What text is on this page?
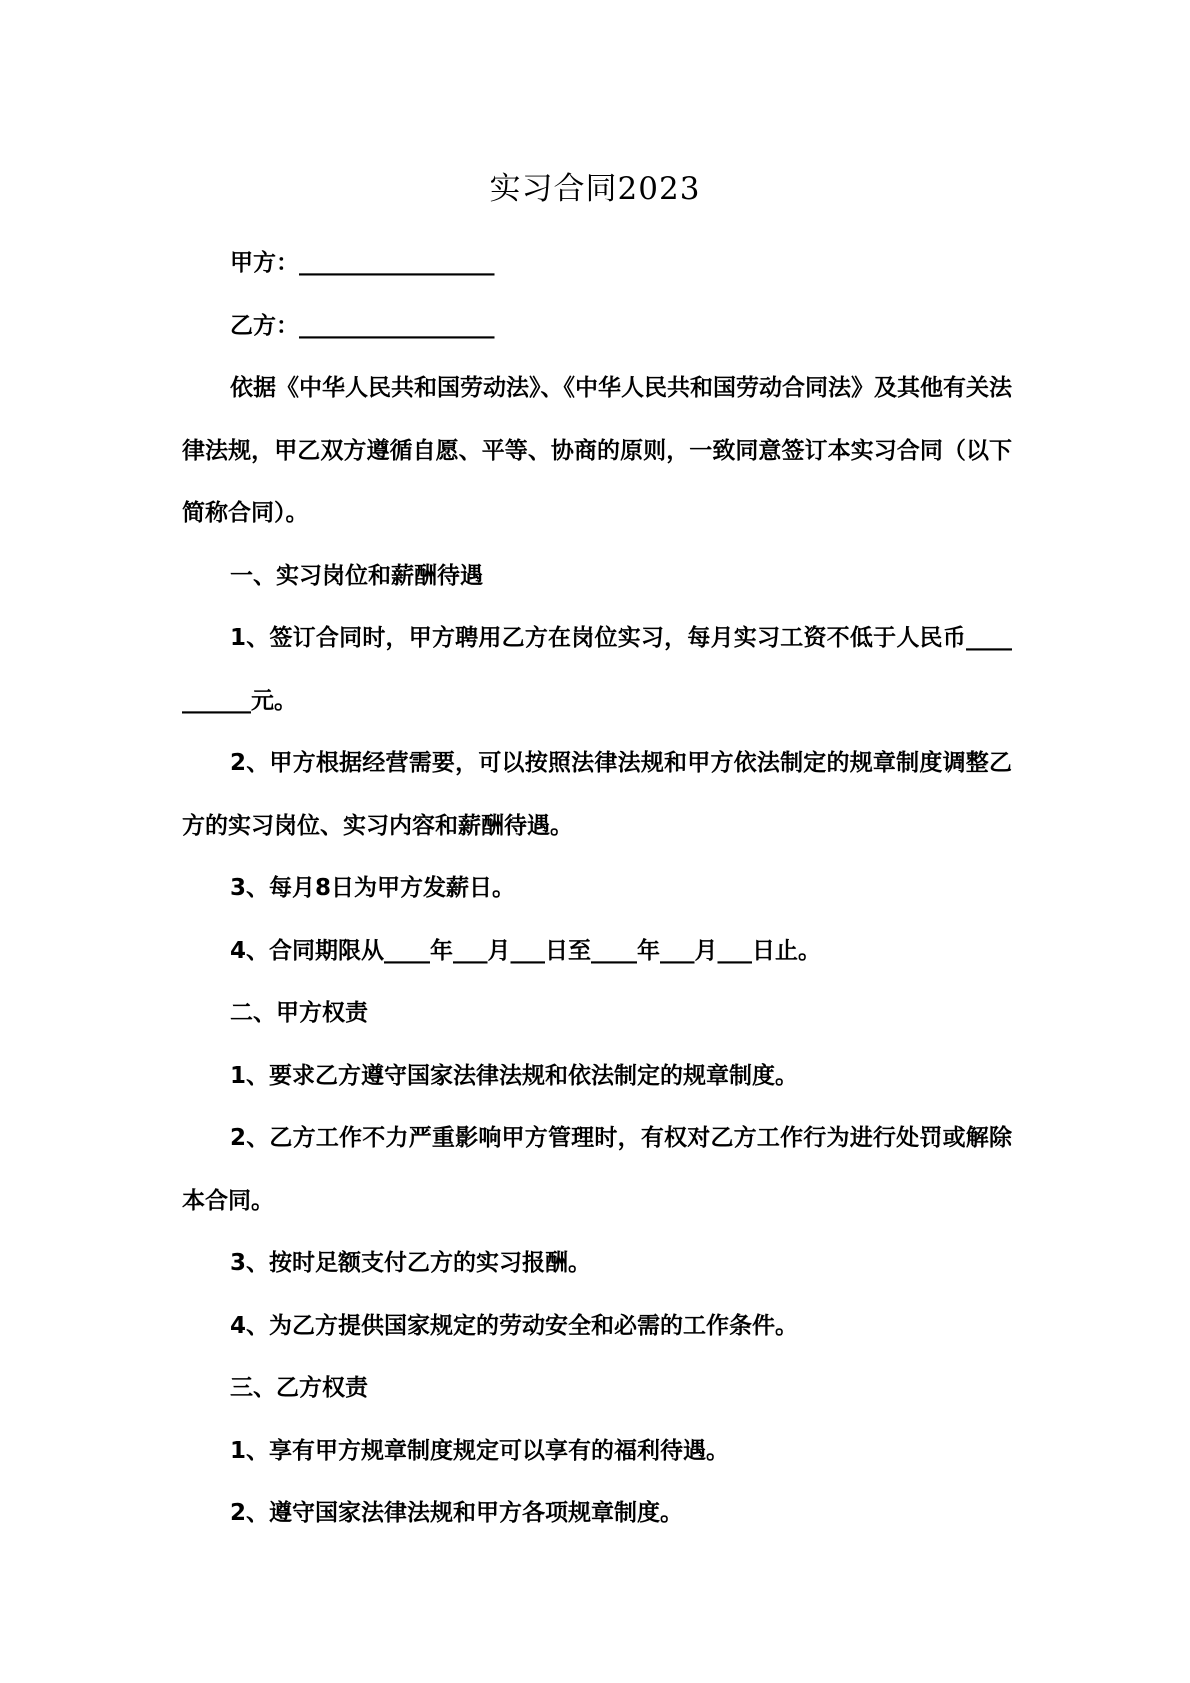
实习合同2023

甲方：_________________

乙方：_________________

依据《中华人民共和国劳动法》、《中华人民共和国劳动合同法》及其他有关法律法规，甲乙双方遵循自愿、平等、协商的原则，一致同意签订本实习合同（以下简称合同）。

一、实习岗位和薪酬待遇

1、签订合同时，甲方聘用乙方在岗位实习，每月实习工资不低于人民币__________元。

2、甲方根据经营需要，可以按照法律法规和甲方依法制定的规章制度调整乙方的实习岗位、实习内容和薪酬待遇。

3、每月8日为甲方发薪日。

4、合同期限从____年___月___日至____年___月___日止。

二、甲方权责

1、要求乙方遵守国家法律法规和依法制定的规章制度。

2、乙方工作不力严重影响甲方管理时，有权对乙方工作行为进行处罚或解除本合同。

3、按时足额支付乙方的实习报酬。

4、为乙方提供国家规定的劳动安全和必需的工作条件。

三、乙方权责

1、享有甲方规章制度规定可以享有的福利待遇。

2、遵守国家法律法规和甲方各项规章制度。
